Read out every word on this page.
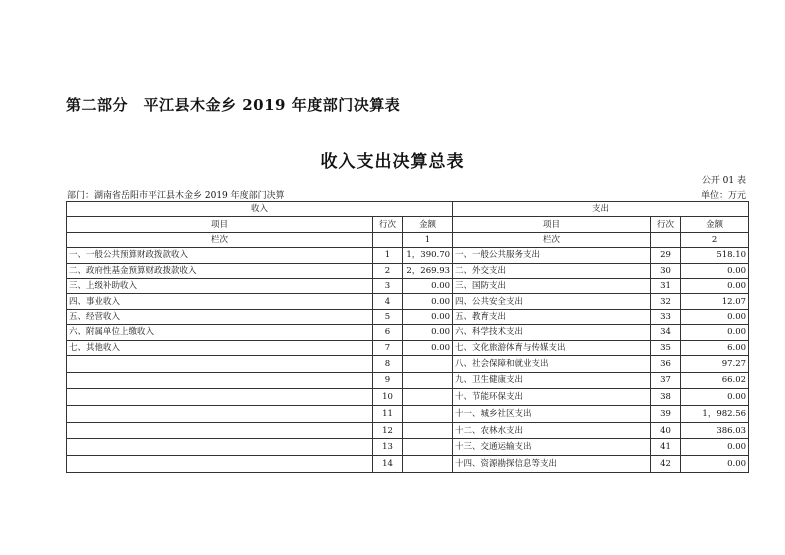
第二部分　平江县木金乡 2019 年度部门决算表
收入支出决算总表
公开 01 表
部门：湖南省岳阳市平江县木金乡 2019 年度部门决算	单位：万元
收入			支出		
项目	行次	金额	项目	行次	金额
栏次		1	栏次		2
一、一般公共预算财政拨款收入	1	1，390.70	一、一般公共服务支出	29	518.10
二、政府性基金预算财政拨款收入	2	2，269.93	二、外交支出	30	0.00
三、上级补助收入	3	0.00	三、国防支出	31	0.00
四、事业收入	4	0.00	四、公共安全支出	32	12.07
五、经营收入	5	0.00	五、教育支出	33	0.00
六、附属单位上缴收入	6	0.00	六、科学技术支出	34	0.00
七、其他收入	7	0.00	七、文化旅游体育与传媒支出	35	6.00
	8		八、社会保障和就业支出	36	97.27
	9		九、卫生健康支出	37	66.02
	10		十、节能环保支出	38	0.00
	11		十一、城乡社区支出	39	1，982.56
	12		十二、农林水支出	40	386.03
	13		十三、交通运输支出	41	0.00
	14		十四、资源勘探信息等支出	42	0.00
